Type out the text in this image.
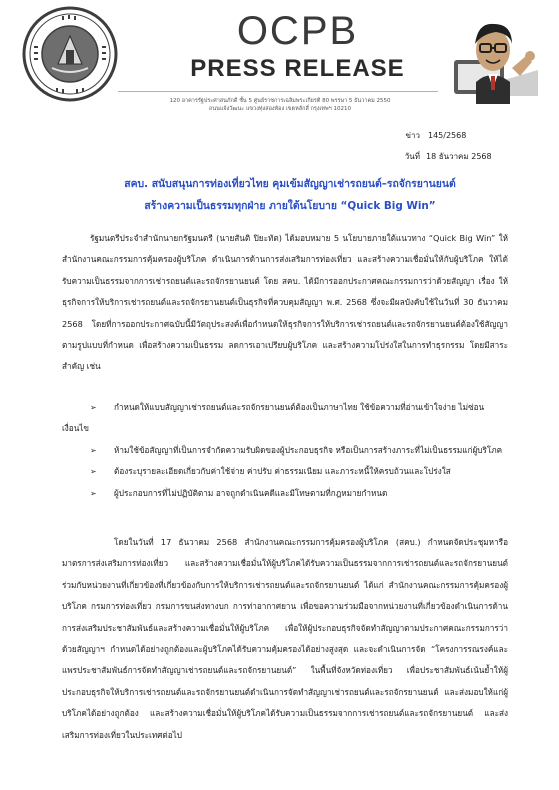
OCPB
PRESS RELEASE
120 อาคารรัฐประศาสนภักดี ชั้น 5 ศูนย์ราชการเฉลิมพระเกียรติ 80 พรรษา 5 ธันวาคม 2550
ถนนแจ้งวัฒนะ แขวงทุ่งสองห้อง เขตหลักสี่ กรุงเทพฯ 10210
ข่าว 145/2568
วันที่ 18 ธันวาคม 2568
สคบ. สนับสนุนการท่องเที่ยวไทย คุมเข้มสัญญาเช่ารถยนต์–รถจักรยานยนต์
สร้างความเป็นธรรมทุกฝ่าย ภายใต้นโยบาย “Quick Big Win”
รัฐมนตรีประจำสำนักนายกรัฐมนตรี (นายสันติ ปิยะทัต) ได้มอบหมาย 5 นโยบายภายใต้แนวทาง “Quick Big Win” ให้ สำนักงานคณะกรรมการคุ้มครองผู้บริโภค ดำเนินการด้านการส่งเสริมการท่องเที่ยว และสร้างความเชื่อมั่นให้กับผู้บริโภค ให้ได้รับความเป็นธรรมจากการเช่ารถยนต์และรถจักรยานยนต์ โดย สคบ. ได้มีการออกประกาศคณะกรรมการว่าด้วยสัญญา เรื่อง ให้ธุรกิจการให้บริการเช่ารถยนต์และรถจักรยานยนต์เป็นธุรกิจที่ควบคุมสัญญา พ.ศ. 2568 ซึ่งจะมีผลบังคับใช้ในวันที่ 30 ธันวาคม 2568 โดยที่การออกประกาศฉบับนี้มีวัตถุประสงค์เพื่อกำหนดให้ธุรกิจการให้บริการเช่ารถยนต์และรถจักรยานยนต์ต้องใช้สัญญาตามรูปแบบที่กำหนด เพื่อสร้างความเป็นธรรม ลดการเอาเปรียบผู้บริโภค และสร้างความโปร่งใสในการทำธุรกรรม โดยมีสาระสำคัญ เช่น
➢	กำหนดให้แบบสัญญาเช่ารถยนต์และรถจักรยานยนต์ต้องเป็นภาษาไทย ใช้ข้อความที่อ่านเข้าใจง่าย ไม่ซ่อนเงื่อนไข
➢	ห้ามใช้ข้อสัญญาที่เป็นการจำกัดความรับผิดของผู้ประกอบธุรกิจ หรือเป็นการสร้างภาระที่ไม่เป็นธรรมแก่ผู้บริโภค
➢	ต้องระบุรายละเอียดเกี่ยวกับค่าใช้จ่าย ค่าปรับ ค่าธรรมเนียม และภาระหนี้ให้ครบถ้วนและโปร่งใส
➢	ผู้ประกอบการที่ไม่ปฏิบัติตาม อาจถูกดำเนินคดีและมีโทษตามที่กฎหมายกำหนด
โดยในวันที่ 17 ธันวาคม 2568 สำนักงานคณะกรรมการคุ้มครองผู้บริโภค (สคบ.) กำหนดจัดประชุมหารือมาตรการส่งเสริมการท่องเที่ยว และสร้างความเชื่อมั่นให้ผู้บริโภคได้รับความเป็นธรรมจากการเช่ารถยนต์และรถจักรยานยนต์ ร่วมกับหน่วยงานที่เกี่ยวข้องที่เกี่ยวข้องกับการให้บริการเช่ารถยนต์และรถจักรยานยนต์ ได้แก่ สำนักงานคณะกรรมการคุ้มครองผู้บริโภค กรมการท่องเที่ยว กรมการขนส่งทางบก การท่าอากาศยาน เพื่อขอความร่วมมือจากหน่วยงานที่เกี่ยวข้องดำเนินการด้านการส่งเสริมประชาสัมพันธ์และสร้างความเชื่อมั่นให้ผู้บริโภค เพื่อให้ผู้ประกอบธุรกิจจัดทำสัญญาตามประกาศคณะกรรมการว่าด้วยสัญญาฯ กำหนดได้อย่างถูกต้องและผู้บริโภคได้รับความคุ้มครองได้อย่างสูงสุด และจะดำเนินการจัด “โครงการรณรงค์และแพรประชาสัมพันธ์การจัดทำสัญญาเช่ารถยนต์และรถจักรยานยนต์” ในพื้นที่จังหวัดท่องเที่ยว เพื่อประชาสัมพันธ์เน้นย้ำให้ผู้ประกอบธุรกิจให้บริการเช่ารถยนต์และรถจักรยานยนต์ดำเนินการจัดทำสัญญาเช่ารถยนต์และรถจักรยานยนต์ และส่งมอบให้แก่ผู้บริโภคได้อย่างถูกต้อง และสร้างความเชื่อมั่นให้ผู้บริโภคได้รับความเป็นธรรมจากการเช่ารถยนต์และรถจักรยานยนต์ และส่งเสริมการท่องเที่ยวในประเทศต่อไป
